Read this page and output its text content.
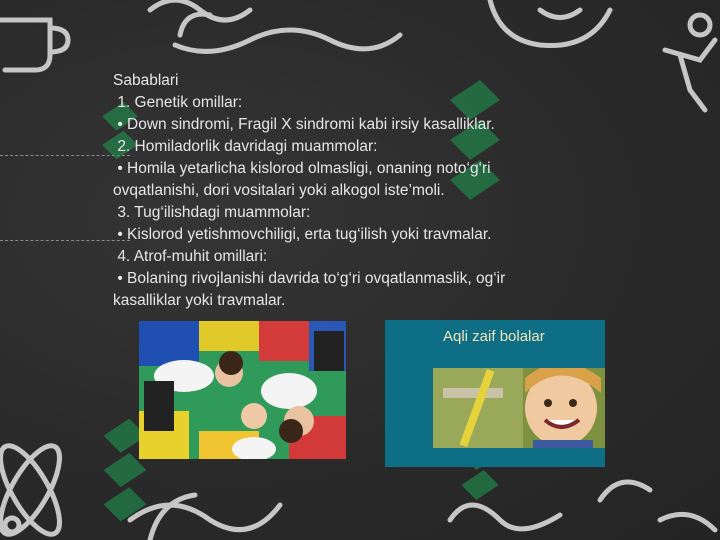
Sabablari
1. Genetik omillar:
• Down sindromi, Fragil X sindromi kabi irsiy kasalliklar.
2. Homiladorlik davridagi muammolar:
• Homila yetarlicha kislorod olmasligi, onaning noto‘g‘ri
ovqatlanishi, dori vositalari yoki alkogol iste’moli.
3. Tug‘ilishdagi muammolar:
• Kislorod yetishmovchiligi, erta tug‘ilish yoki travmalar.
4. Atrof-muhit omillari:
• Bolaning rivojlanishi davrida to‘g‘ri ovqatlanmaslik, og‘ir
kasalliklar yoki travmalar.
Aqli zaif bolalar
